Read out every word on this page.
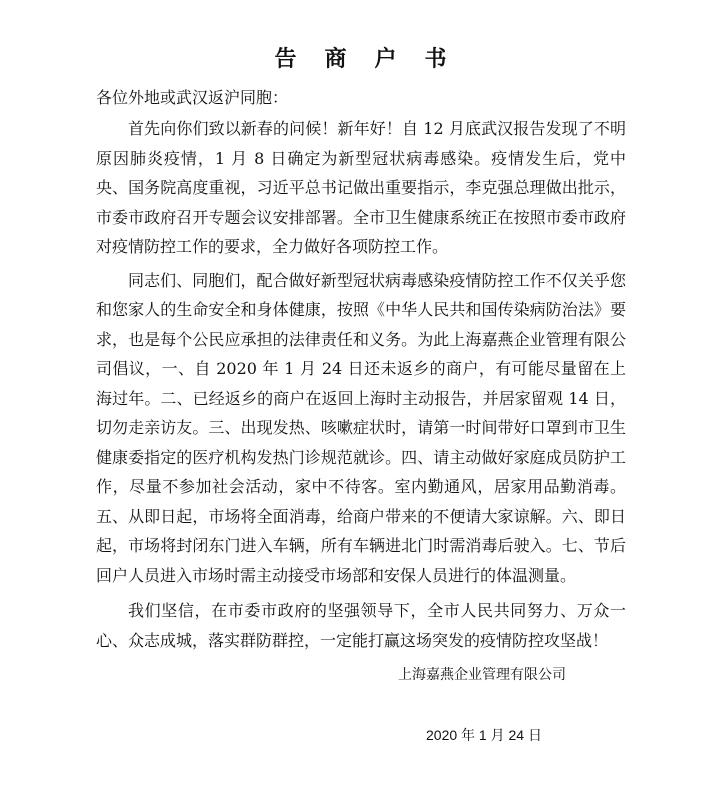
告商户书
各位外地或武汉返沪同胞：

首先向你们致以新春的问候！新年好！自 12 月底武汉报告发现了不明原因肺炎疫情，1 月 8 日确定为新型冠状病毒感染。疫情发生后，党中央、国务院高度重视，习近平总书记做出重要指示，李克强总理做出批示，市委市政府召开专题会议安排部署。全市卫生健康系统正在按照市委市政府对疫情防控工作的要求，全力做好各项防控工作。

同志们、同胞们，配合做好新型冠状病毒感染疫情防控工作不仅关乎您和您家人的生命安全和身体健康，按照《中华人民共和国传染病防治法》要求，也是每个公民应承担的法律责任和义务。为此上海嘉燕企业管理有限公司倡议，一、自 2020 年 1 月 24 日还未返乡的商户，有可能尽量留在上海过年。二、已经返乡的商户在返回上海时主动报告，并居家留观 14 日，切勿走亲访友。三、出现发热、咳嗽症状时，请第一时间带好口罩到市卫生健康委指定的医疗机构发热门诊规范就诊。四、请主动做好家庭成员防护工作，尽量不参加社会活动，家中不待客。室内勤通风，居家用品勤消毒。五、从即日起，市场将全面消毒，给商户带来的不便请大家谅解。六、即日起，市场将封闭东门进入车辆，所有车辆进北门时需消毒后驶入。七、节后回户人员进入市场时需主动接受市场部和安保人员进行的体温测量。

我们坚信，在市委市政府的坚强领导下，全市人民共同努力、万众一心、众志成城，落实群防群控，一定能打赢这场突发的疫情防控攻坚战！

上海嘉燕企业管理有限公司
2020 年 1 月 24 日
